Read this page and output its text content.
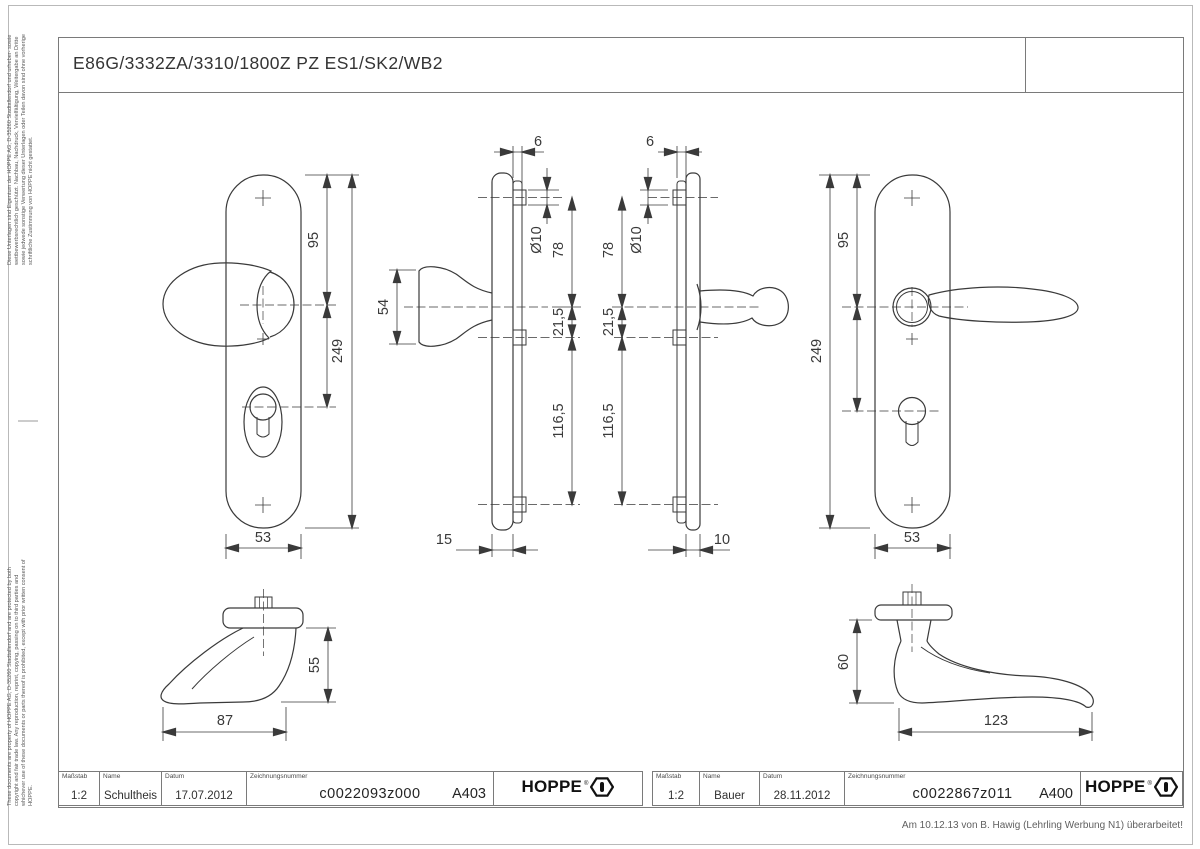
Diese Unterlagen sind Eigentum der HOPPE AG, D-35260 Stadtallendorf und urheber- sowie wettbewerbsrechtlich geschützt. Nachbau, Nachdruck, Vervielfältigung, Weitergabe an Dritte sowie jedwede sonstige Verwertung dieser Unterlagen oder Teilen davon sind ohne vorherige schriftliche Zustimmung von HOPPE nicht gestattet.
These documents are property of HOPPE AG, D-35260 Stadtallendorf and are protected by both copyright and fair trade law. Any reproduction, reprint, copying, passing on to third parties and whichever use of these documents or parts thereof is prohibited, except with prior written consent of HOPPE.
E86G/3332ZA/3310/1800Z PZ ES1/SK2/WB2
95
249
53
54
6
Ø10 78
21,5
116,5
15
6
Ø10
78
21,5
116,5
10
95
249
53
55
87
60
123
Maßstab
1:2
Name
Schultheis
Datum
17.07.2012
Zeichnungsnummer
c0022093z000 A403 HOPPE ®
Maßstab
1:2
Name
Bauer
Datum
28.11.2012
Zeichnungsnummer
c0022867z011 A400 HOPPE ®
Am 10.12.13 von B. Hawig (Lehrling Werbung N1) überarbeitet!
